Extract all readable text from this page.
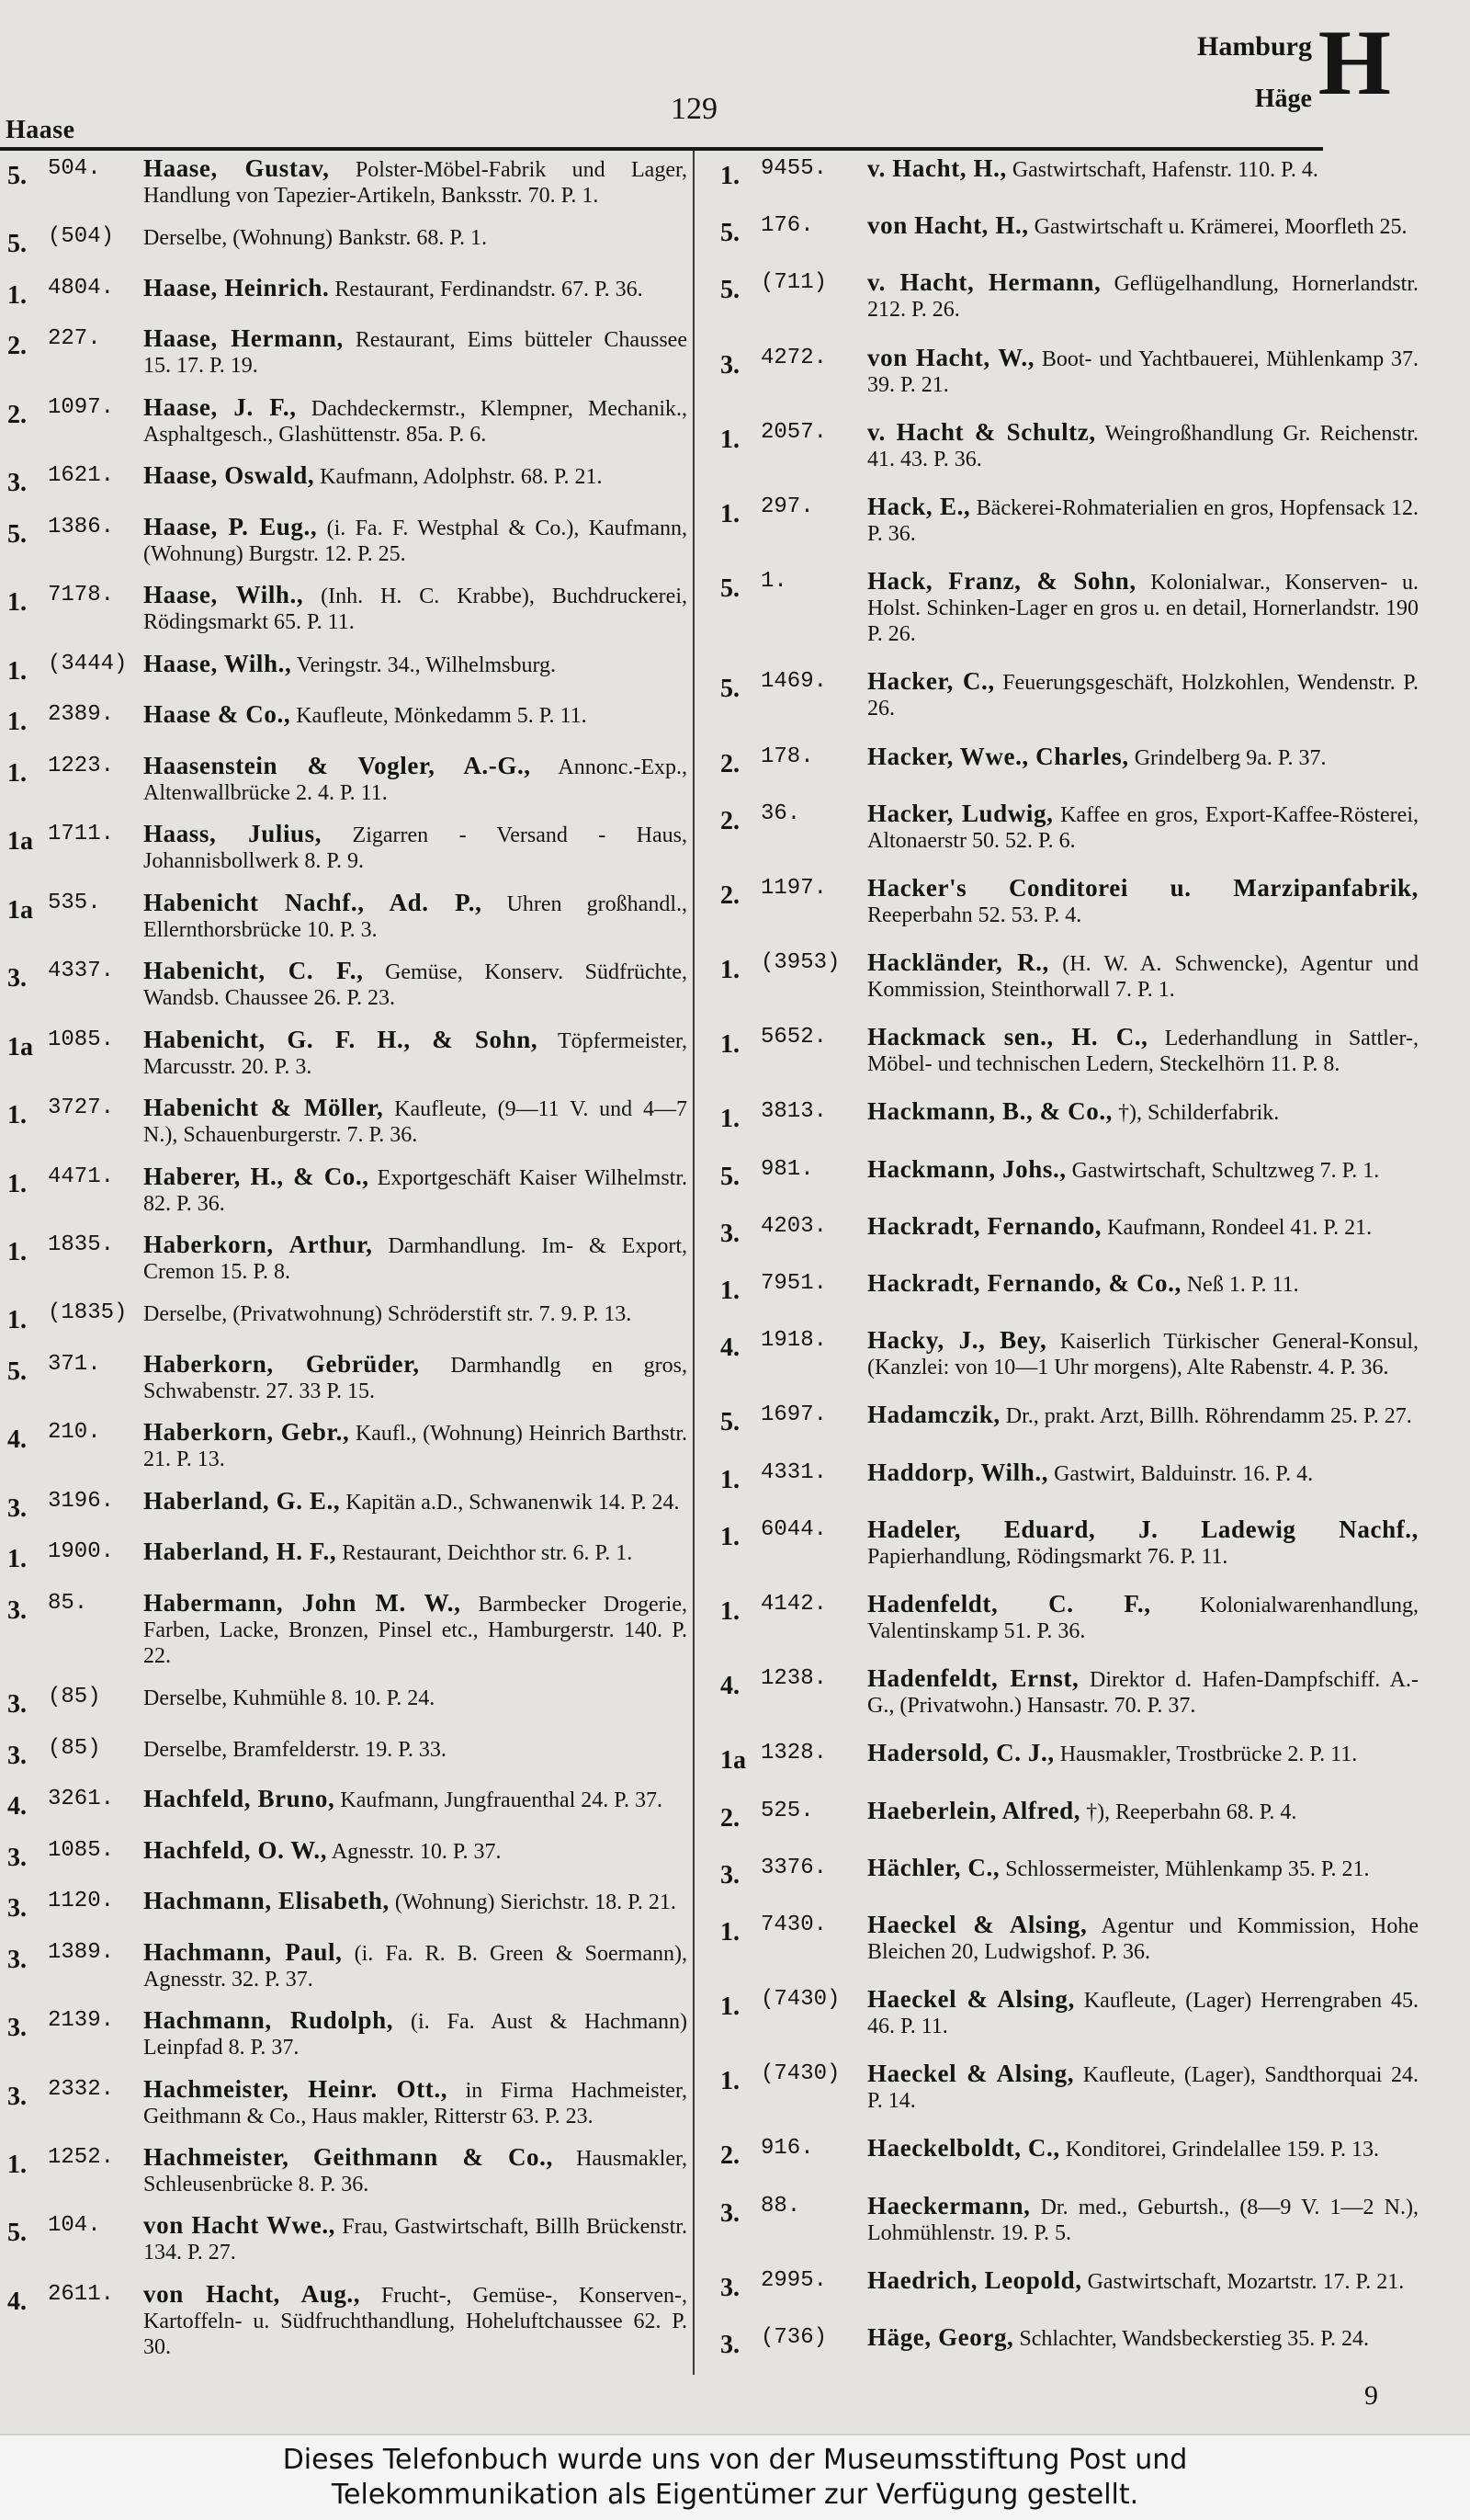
Haase
129
Hamburg
Häge H
5. 504.	Haase, Gustav, Polster-Möbel-Fabrik und Lager, Handlung von Tapezier-Artikeln, Banksstr. 70. P. 1.
5. (504)	Derselbe, (Wohnung) Bankstr. 68. P. 1.
1. 4804.	Haase, Heinrich. Restaurant, Ferdinandstr. 67. P. 36.
2. 227.	Haase, Hermann, Restaurant, Eims bütteler Chaussee 15. 17. P. 19.
2. 1097.	Haase, J. F., Dachdeckermstr., Klempner, Mechanik., Asphaltgesch., Glashüttenstr. 85a. P. 6.
3. 1621.	Haase, Oswald, Kaufmann, Adolphstr. 68. P. 21.
5. 1386.	Haase, P. Eug., (i. Fa. F. Westphal & Co.), Kaufmann, (Wohnung) Burgstr. 12. P. 25.
1. 7178.	Haase, Wilh., (Inh. H. C. Krabbe), Buchdruckerei, Rödingsmarkt 65. P. 11.
1. (3444) Haase, Wilh., Veringstr. 34., Wilhelmsburg.
1. 2389.	Haase & Co., Kaufleute, Mönkedamm 5. P. 11.
1. 1223.	Haasenstein & Vogler, A.-G., Annonc.-Exp., Altenwallbrücke 2. 4. P. 11.
1a 1711.	Haass, Julius, Zigarren - Versand - Haus, Johannisbollwerk 8. P. 9.
1a 535.	Habenicht Nachf., Ad. P., Uhren großhandl., Ellernthorsbrücke 10. P. 3.
3. 4337.	Habenicht, C. F., Gemüse, Konserv. Südfrüchte, Wandsb. Chaussee 26. P. 23.
1a 1085.	Habenicht, G. F. H., & Sohn, Töpfermeister, Marcusstr. 20. P. 3.
1. 3727.	Habenicht & Möller, Kaufleute, (9—11 V. und 4—7 N.), Schauenburgerstr. 7. P. 36.
1. 4471.	Haberer, H., & Co., Exportgeschäft Kaiser Wilhelmstr. 82. P. 36.
1. 1835.	Haberkorn, Arthur, Darmhandlung. Im- & Export, Cremon 15. P. 8.
1. (1835) Derselbe, (Privatwohnung) Schröderstift str. 7. 9. P. 13.
5. 371.	Haberkorn, Gebrüder, Darmhandlg en gros, Schwabenstr. 27. 33 P. 15.
4. 210.	Haberkorn, Gebr., Kaufl., (Wohnung) Heinrich Barthstr. 21. P. 13.
3. 3196.	Haberland, G. E., Kapitän a.D., Schwanenwik 14. P. 24.
1. 1900.	Haberland, H. F., Restaurant, Deichthor str. 6. P. 1.
3. 85.	Habermann, John M. W., Barmbecker Drogerie, Farben, Lacke, Bronzen, Pinsel etc., Hamburgerstr. 140. P. 22.
3. (85)	Derselbe, Kuhmühle 8. 10. P. 24.
3. (85)	Derselbe, Bramfelderstr. 19. P. 33.
4. 3261.	Hachfeld, Bruno, Kaufmann, Jungfrauenthal 24. P. 37.
3. 1085.	Hachfeld, O. W., Agnesstr. 10. P. 37.
3. 1120.	Hachmann, Elisabeth, (Wohnung) Sierichstr. 18. P. 21.
3. 1389.	Hachmann, Paul, (i. Fa. R. B. Green & Soermann), Agnesstr. 32. P. 37.
3. 2139.	Hachmann, Rudolph, (i. Fa. Aust & Hachmann) Leinpfad 8. P. 37.
3. 2332.	Hachmeister, Heinr. Ott., in Firma Hachmeister, Geithmann & Co., Haus makler, Ritterstr 63. P. 23.
1. 1252.	Hachmeister, Geithmann & Co., Hausmakler, Schleusenbrücke 8. P. 36.
5. 104.	von Hacht Wwe., Frau, Gastwirtschaft, Billh Brückenstr. 134. P. 27.
4. 2611.	von Hacht, Aug., Frucht-, Gemüse-, Konserven-, Kartoffeln- u. Südfruchthandlung, Hoheluftchaussee 62. P. 30.
1. 9455.	v. Hacht, H., Gastwirtschaft, Hafenstr. 110. P. 4.
5. 176.	von Hacht, H., Gastwirtschaft u. Krämerei, Moorfleth 25.
5. (711)	v. Hacht, Hermann, Geflügelhandlung, Hornerlandstr. 212. P. 26.
3. 4272.	von Hacht, W., Boot- und Yachtbauerei, Mühlenkamp 37. 39. P. 21.
1. 2057.	v. Hacht & Schultz, Weingroßhandlung Gr. Reichenstr. 41. 43. P. 36.
1. 297.	Hack, E., Bäckerei-Rohmaterialien en gros, Hopfensack 12. P. 36.
5. 1.	Hack, Franz, & Sohn, Kolonialwar., Konserven- u. Holst. Schinken-Lager en gros u. en detail, Hornerlandstr. 190 P. 26.
5. 1469.	Hacker, C., Feuerungsgeschäft, Holzkohlen, Wendenstr. P. 26.
2. 178.	Hacker, Wwe., Charles, Grindelberg 9a. P. 37.
2. 36.	Hacker, Ludwig, Kaffee en gros, Export-Kaffee-Rösterei, Altonaerstr 50. 52. P. 6.
2. 1197.	Hacker's Conditorei u. Marzipanfabrik, Reeperbahn 52. 53. P. 4.
1. (3953)	Hackländer, R., (H. W. A. Schwencke), Agentur und Kommission, Steinthorwall 7. P. 1.
1. 5652.	Hackmack sen., H. C., Lederhandlung in Sattler-, Möbel- und technischen Ledern, Steckelhörn 11. P. 8.
1. 3813.	Hackmann, B., & Co., †), Schilderfabrik.
5. 981.	Hackmann, Johs., Gastwirtschaft, Schultzweg 7. P. 1.
3. 4203.	Hackradt, Fernando, Kaufmann, Rondeel 41. P. 21.
1. 7951.	Hackradt, Fernando, & Co., Neß 1. P. 11.
4. 1918.	Hacky, J., Bey, Kaiserlich Türkischer General-Konsul, (Kanzlei: von 10—1 Uhr morgens), Alte Rabenstr. 4. P. 36.
5. 1697.	Hadamczik, Dr., prakt. Arzt, Billh. Röhrendamm 25. P. 27.
1. 4331.	Haddorp, Wilh., Gastwirt, Balduinstr. 16. P. 4.
1. 6044.	Hadeler, Eduard, J. Ladewig Nachf., Papierhandlung, Rödingsmarkt 76. P. 11.
1. 4142.	Hadenfeldt, C. F., Kolonialwarenhandlung, Valentinskamp 51. P. 36.
4. 1238.	Hadenfeldt, Ernst, Direktor d. Hafen-Dampfschiff. A.-G., (Privatwohn.) Hansastr. 70. P. 37.
1a 1328.	Hadersold, C. J., Hausmakler, Trostbrücke 2. P. 11.
2. 525.	Haeberlein, Alfred, †), Reeperbahn 68. P. 4.
3. 3376.	Hächler, C., Schlossermeister, Mühlenkamp 35. P. 21.
1. 7430.	Haeckel & Alsing, Agentur und Kommission, Hohe Bleichen 20, Ludwigshof. P. 36.
1. (7430)	Haeckel & Alsing, Kaufleute, (Lager) Herrengraben 45. 46. P. 11.
1. (7430)	Haeckel & Alsing, Kaufleute, (Lager), Sandthorquai 24. P. 14.
2. 916.	Haeckelboldt, C., Konditorei, Grindelallee 159. P. 13.
3. 88.	Haeckermann, Dr. med., Geburtsh., (8—9 V. 1—2 N.), Lohmühlenstr. 19. P. 5.
3. 2995.	Haedrich, Leopold, Gastwirtschaft, Mozartstr. 17. P. 21.
3. (736)	Häge, Georg, Schlachter, Wandsbeckerstieg 35. P. 24.
9
Dieses Telefonbuch wurde uns von der Museumsstiftung Post und
Telekommunikation als Eigentümer zur Verfügung gestellt.
